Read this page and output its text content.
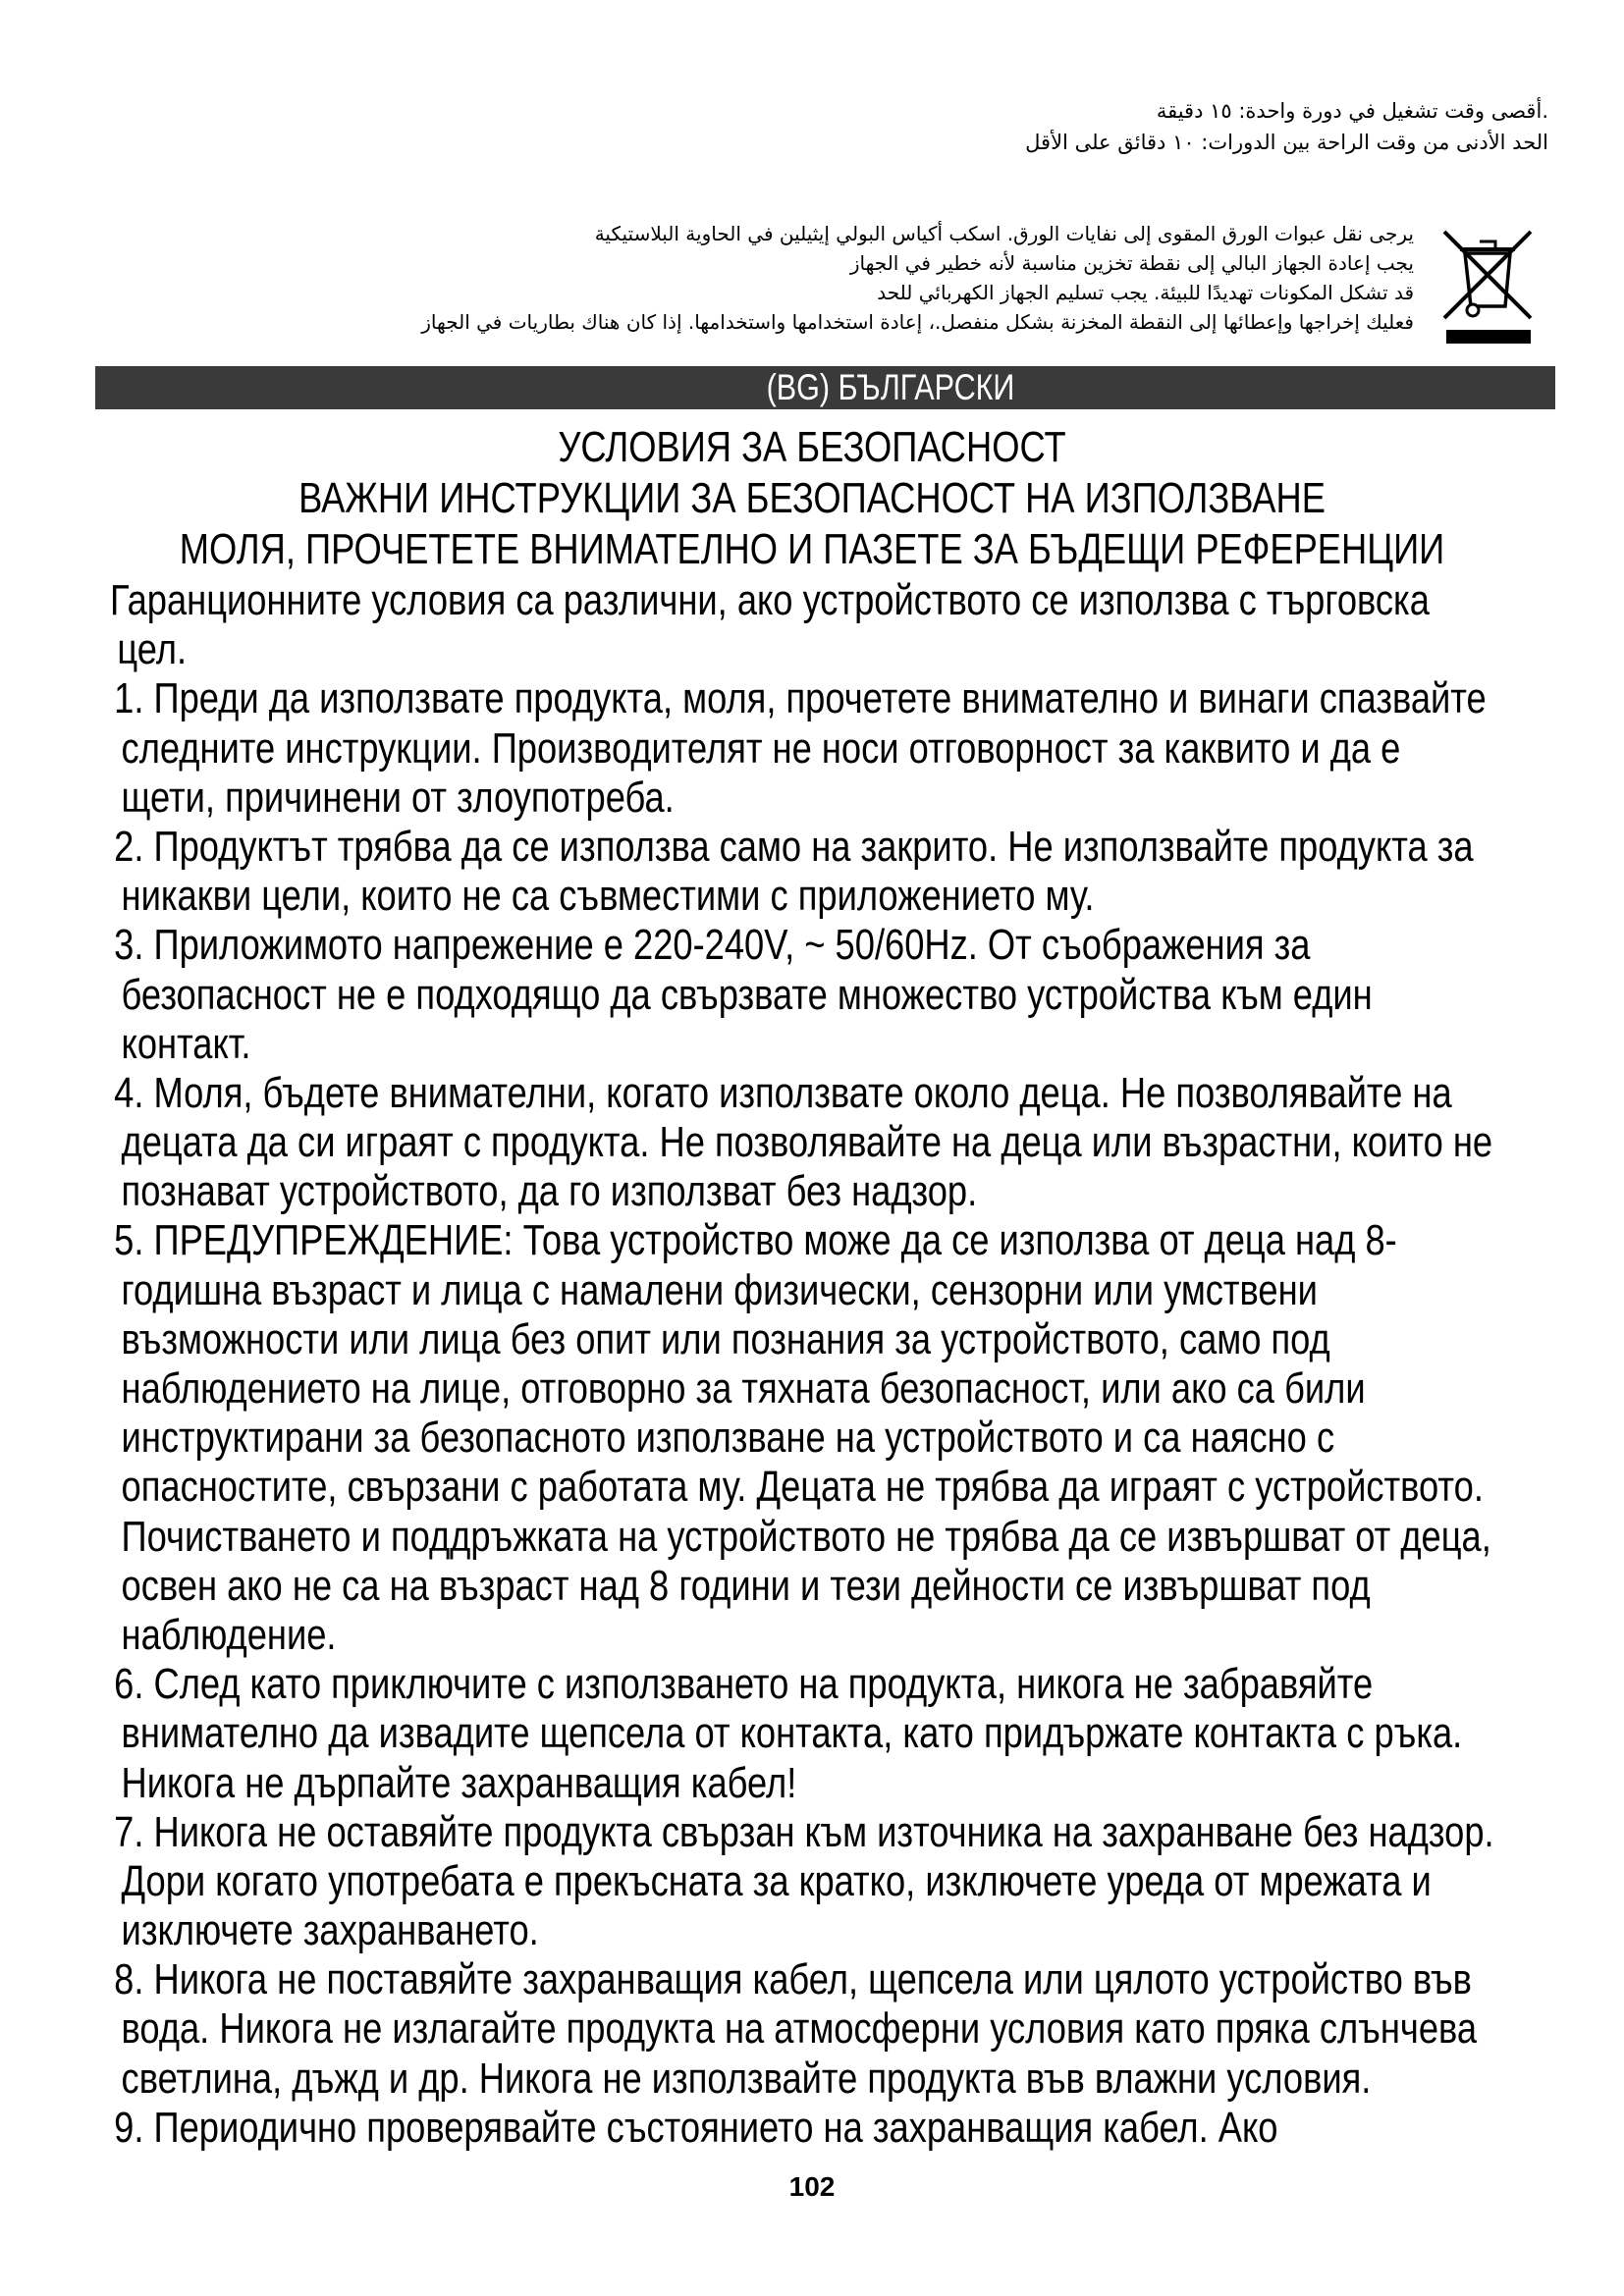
أقصى وقت تشغيل في دورة واحدة: ١٥ دقيقة.
الحد الأدنى من وقت الراحة بين الدورات: ١٠ دقائق على الأقل
يرجى نقل عبوات الورق المقوى إلى نفايات الورق. اسكب أكياس البولي إيثيلين في الحاوية البلاستيكية
يجب إعادة الجهاز البالي إلى نقطة تخزين مناسبة لأنه خطير في الجهاز
قد تشكل المكونات تهديدًا للبيئة. يجب تسليم الجهاز الكهربائي للحد
فعليك إخراجها وإعطائها إلى النقطة المخزنة بشكل منفصل.، إعادة استخدامها واستخدامها. إذا كان هناك بطاريات في الجهاز
(BG) БЪЛГАРСКИ
УСЛОВИЯ ЗА БЕЗОПАСНОСТ
ВАЖНИ ИНСТРУКЦИИ ЗА БЕЗОПАСНОСТ НА ИЗПОЛЗВАНЕ
МОЛЯ, ПРОЧЕТЕТЕ ВНИМАТЕЛНО И ПАЗЕТЕ ЗА БЪДЕЩИ РЕФЕРЕНЦИИ
Гаранционните условия са различни, ако устройството се използва с търговска
цел.
1. Преди да използвате продукта, моля, прочетете внимателно и винаги спазвайте
следните инструкции. Производителят не носи отговорност за каквито и да е
щети, причинени от злоупотреба.
2. Продуктът трябва да се използва само на закрито. Не използвайте продукта за
никакви цели, които не са съвместими с приложението му.
3. Приложимото напрежение е 220-240V, ~ 50/60Hz. От съображения за
безопасност не е подходящо да свързвате множество устройства към един
контакт.
4. Моля, бъдете внимателни, когато използвате около деца. Не позволявайте на
децата да си играят с продукта. Не позволявайте на деца или възрастни, които не
познават устройството, да го използват без надзор.
5. ПРЕДУПРЕЖДЕНИЕ: Това устройство може да се използва от деца над 8-
годишна възраст и лица с намалени физически, сензорни или умствени
възможности или лица без опит или познания за устройството, само под
наблюдението на лице, отговорно за тяхната безопасност, или ако са били
инструктирани за безопасното използване на устройството и са наясно с
опасностите, свързани с работата му. Децата не трябва да играят с устройството.
Почистването и поддръжката на устройството не трябва да се извършват от деца,
освен ако не са на възраст над 8 години и тези дейности се извършват под
наблюдение.
6. След като приключите с използването на продукта, никога не забравяйте
внимателно да извадите щепсела от контакта, като придържате контакта с ръка.
Никога не дърпайте захранващия кабел!
7. Никога не оставяйте продукта свързан към източника на захранване без надзор.
Дори когато употребата е прекъсната за кратко, изключете уреда от мрежата и
изключете захранването.
8. Никога не поставяйте захранващия кабел, щепсела или цялото устройство във
вода. Никога не излагайте продукта на атмосферни условия като пряка слънчева
светлина, дъжд и др. Никога не използвайте продукта във влажни условия.
9. Периодично проверявайте състоянието на захранващия кабел. Ако
102
